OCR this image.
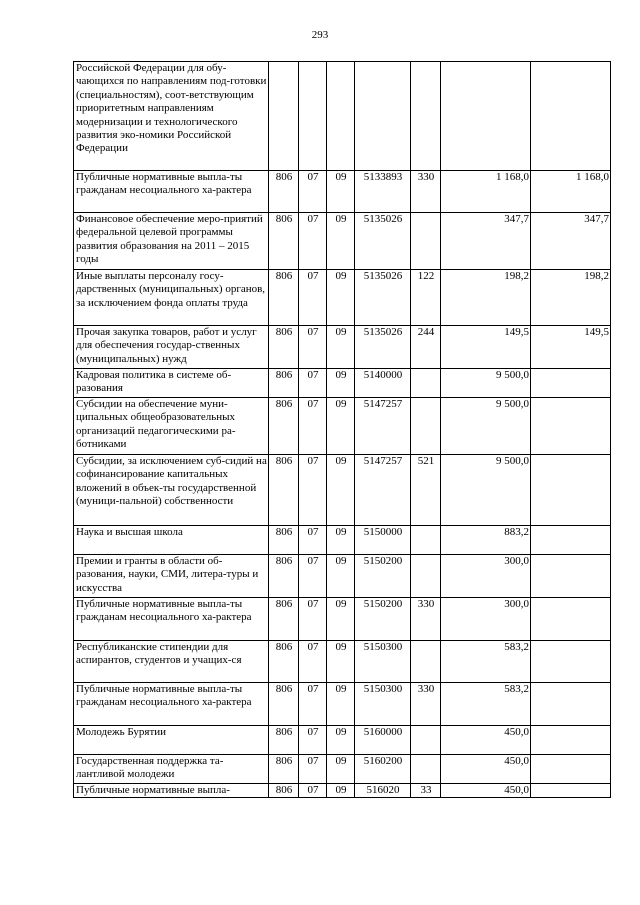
293
Российской Федерации для обу-чающихся по направлениям под-готовки (специальностям), соот-ветствующим приоритетным направлениям модернизации и технологического развития эко-номики Российской Федерации							
Публичные нормативные выпла-ты гражданам несоциального ха-рактера	806	07	09	5133893	330	1 168,0	1 168,0
Финансовое обеспечение меро-приятий федеральной целевой программы развития образования на 2011 – 2015 годы	806	07	09	5135026		347,7	347,7
Иные выплаты персоналу госу-дарственных (муниципальных) органов, за исключением фонда оплаты труда	806	07	09	5135026	122	198,2	198,2
Прочая закупка товаров, работ и услуг для обеспечения государ-ственных (муниципальных) нужд	806	07	09	5135026	244	149,5	149,5
Кадровая политика в системе об-разования	806	07	09	5140000		9 500,0	
Субсидии на обеспечение муни-ципальных общеобразовательных организаций педагогическими ра-ботниками	806	07	09	5147257		9 500,0	
Субсидии, за исключением суб-сидий на софинансирование капитальных вложений в объек-ты государственной (муници-пальной) собственности	806	07	09	5147257	521	9 500,0	
Наука и высшая школа	806	07	09	5150000		883,2	
Премии и гранты в области об-разования, науки, СМИ, литера-туры и искусства	806	07	09	5150200		300,0	
Публичные нормативные выпла-ты гражданам несоциального ха-рактера	806	07	09	5150200	330	300,0	
Республиканские стипендии для аспирантов, студентов и учащих-ся	806	07	09	5150300		583,2	
Публичные нормативные выпла-ты гражданам несоциального ха-рактера	806	07	09	5150300	330	583,2	
Молодежь Бурятии	806	07	09	5160000		450,0	
Государственная поддержка та-лантливой молодежи	806	07	09	5160200		450,0	
Публичные нормативные выпла-	806	07	09	516020	33	450,0	
